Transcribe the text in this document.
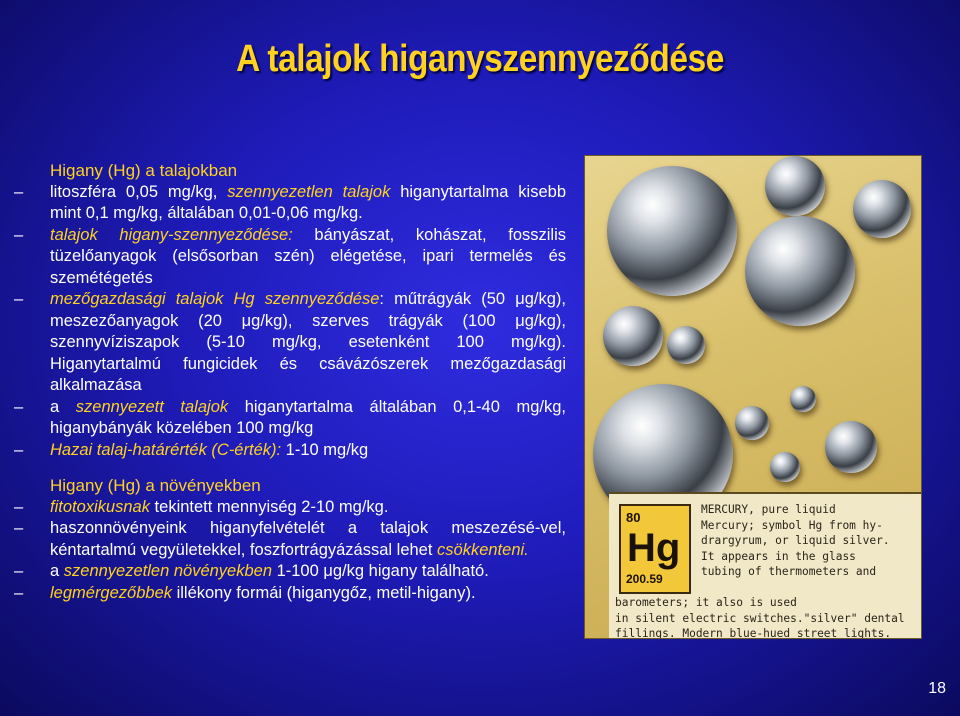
A talajok higanyszennyeződése
Higany (Hg) a talajokban
–	litoszféra 0,05 mg/kg, szennyezetlen talajok higanytartalma kisebb mint 0,1 mg/kg, általában 0,01-0,06 mg/kg.
–	talajok higany-szennyeződése: bányászat, kohászat, fosszilis tüzelőanyagok (elsősorban szén) elégetése, ipari termelés és szemétégetés
–	mezőgazdasági talajok Hg szennyeződése: műtrágyák (50 μg/kg), meszezőanyagok (20 μg/kg), szerves trágyák (100 μg/kg), szennyvíziszapok (5-10 mg/kg, esetenként 100 mg/kg). Higanytartalmú fungicidek és csávázószerek mezőgazdasági alkalmazása
–	a szennyezett talajok higanytartalma általában 0,1-40 mg/kg, higanybányák közelében 100 mg/kg
–	Hazai talaj-határérték (C-érték): 1-10 mg/kg
Higany (Hg) a növényekben
–	fitotoxikusnak tekintett mennyiség 2-10 mg/kg.
–	haszonnövényeink higanyfelvételét a talajok meszezésé-vel, kéntartalmú vegyületekkel, foszfortrágyázással lehet csökkenteni.
–	a szennyezetlen növényekben 1-100 μg/kg higany található.
–	legmérgezőbbek illékony formái (higanygőz, metil-higany).
80
Hg
200.59
MERCURY, pure liquid
Mercury; symbol Hg from hy-
drargyrum, or liquid silver.
It appears in the glass
tubing of thermometers and
barometers; it also is used
in silent electric switches."silver" dental
fillings. Modern blue-hued street lights.
18
